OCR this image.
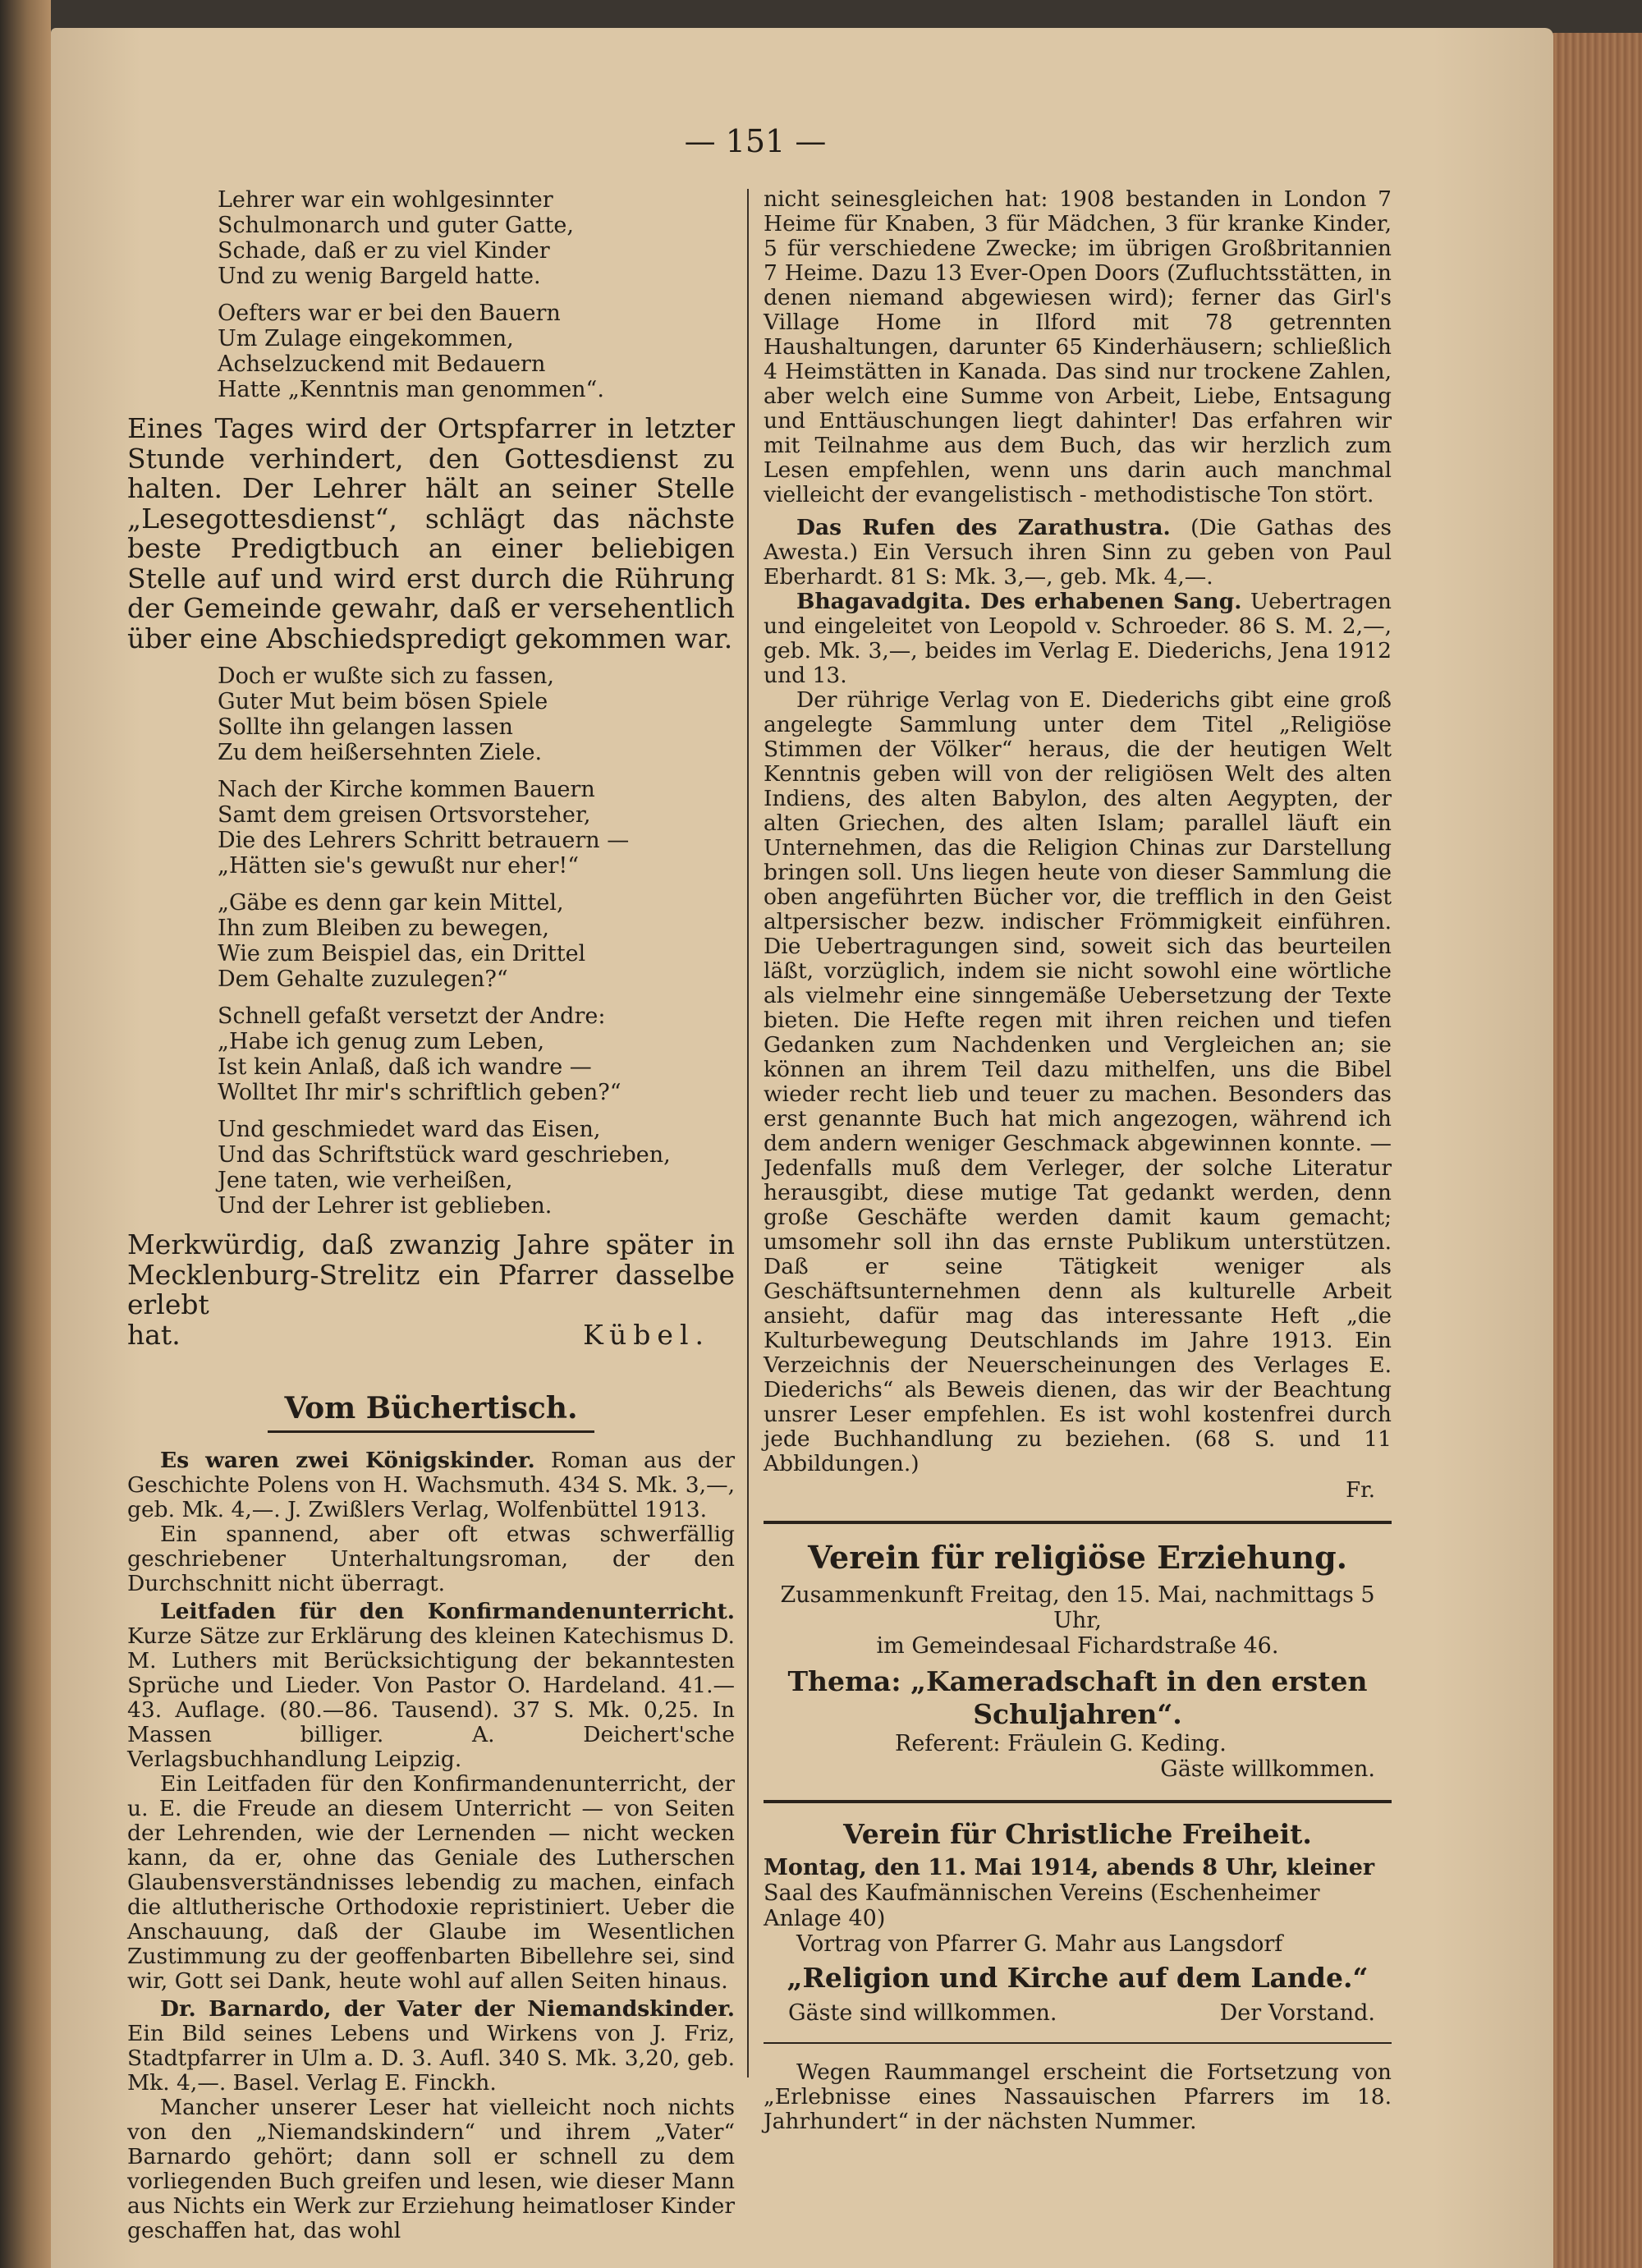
— 151 —

Lehrer war ein wohlgesinnter

Schulmonarch und guter Gatte,

Schade, daß er zu viel Kinder

Und zu wenig Bargeld hatte.

Oefters war er bei den Bauern

Um Zulage eingekommen,

Achselzuckend mit Bedauern

Hatte „Kenntnis man genommen“.

Eines Tages wird der Ortspfarrer in letzter Stunde verhindert, den Gottesdienst zu halten. Der Lehrer hält an seiner Stelle „Lesegottesdienst“, schlägt das nächste beste Predigtbuch an einer beliebigen Stelle auf und wird erst durch die Rührung der Gemeinde gewahr, daß er versehentlich über eine Abschiedspredigt gekommen war.

Doch er wußte sich zu fassen,

Guter Mut beim bösen Spiele

Sollte ihn gelangen lassen

Zu dem heißersehnten Ziele.

Nach der Kirche kommen Bauern

Samt dem greisen Ortsvorsteher,

Die des Lehrers Schritt betrauern —

„Hätten sie's gewußt nur eher!“

„Gäbe es denn gar kein Mittel,

Ihn zum Bleiben zu bewegen,

Wie zum Beispiel das, ein Drittel

Dem Gehalte zuzulegen?“

Schnell gefaßt versetzt der Andre:

„Habe ich genug zum Leben,

Ist kein Anlaß, daß ich wandre —

Wolltet Ihr mir's schriftlich geben?“

Und geschmiedet ward das Eisen,

Und das Schriftstück ward geschrieben,

Jene taten, wie verheißen,

Und der Lehrer ist geblieben.

Merkwürdig, daß zwanzig Jahre später in Mecklenburg-Strelitz ein Pfarrer dasselbe erlebt

hat.	Kübel.
Vom Büchertisch.

Es waren zwei Königskinder. Roman aus der Geschichte Polens von H. Wachsmuth. 434 S. Mk. 3,—, geb. Mk. 4,—. J. Zwißlers Verlag, Wolfenbüttel 1913.

Ein spannend, aber oft etwas schwerfällig geschriebener Unterhaltungsroman, der den Durchschnitt nicht überragt.

Leitfaden für den Konfirmandenunterricht. Kurze Sätze zur Erklärung des kleinen Katechismus D. M. Luthers mit Berücksichtigung der bekanntesten Sprüche und Lieder. Von Pastor O. Hardeland. 41.—43. Auflage. (80.—86. Tausend). 37 S. Mk. 0,25. In Massen billiger. A. Deichert'sche Verlagsbuchhandlung Leipzig.

Ein Leitfaden für den Konfirmandenunterricht, der u. E. die Freude an diesem Unterricht — von Seiten der Lehrenden, wie der Lernenden — nicht wecken kann, da er, ohne das Geniale des Lutherschen Glaubensverständnisses lebendig zu machen, einfach die altlutherische Orthodoxie repristiniert. Ueber die Anschauung, daß der Glaube im Wesentlichen Zustimmung zu der geoffenbarten Bibellehre sei, sind wir, Gott sei Dank, heute wohl auf allen Seiten hinaus.

Dr. Barnardo, der Vater der Niemandskinder. Ein Bild seines Lebens und Wirkens von J. Friz, Stadtpfarrer in Ulm a. D. 3. Aufl. 340 S. Mk. 3,20, geb. Mk. 4,—. Basel. Verlag E. Finckh.

Mancher unserer Leser hat vielleicht noch nichts von den „Niemandskindern“ und ihrem „Vater“ Barnardo gehört; dann soll er schnell zu dem vorliegenden Buch greifen und lesen, wie dieser Mann aus Nichts ein Werk zur Erziehung heimatloser Kinder geschaffen hat, das wohl

nicht seinesgleichen hat: 1908 bestanden in London 7 Heime für Knaben, 3 für Mädchen, 3 für kranke Kinder, 5 für verschiedene Zwecke; im übrigen Großbritannien 7 Heime. Dazu 13 Ever-Open Doors (Zufluchtsstätten, in denen niemand abgewiesen wird); ferner das Girl's Village Home in Ilford mit 78 getrennten Haushaltungen, darunter 65 Kinderhäusern; schließlich 4 Heimstätten in Kanada. Das sind nur trockene Zahlen, aber welch eine Summe von Arbeit, Liebe, Entsagung und Enttäuschungen liegt dahinter! Das erfahren wir mit Teilnahme aus dem Buch, das wir herzlich zum Lesen empfehlen, wenn uns darin auch manchmal vielleicht der evangelistisch - methodistische Ton stört.

Das Rufen des Zarathustra. (Die Gathas des Awesta.) Ein Versuch ihren Sinn zu geben von Paul Eberhardt. 81 S: Mk. 3,—, geb. Mk. 4,—.

Bhagavadgita. Des erhabenen Sang. Uebertragen und eingeleitet von Leopold v. Schroeder. 86 S. M. 2,—, geb. Mk. 3,—, beides im Verlag E. Diederichs, Jena 1912 und 13.

Der rührige Verlag von E. Diederichs gibt eine groß angelegte Sammlung unter dem Titel „Religiöse Stimmen der Völker“ heraus, die der heutigen Welt Kenntnis geben will von der religiösen Welt des alten Indiens, des alten Babylon, des alten Aegypten, der alten Griechen, des alten Islam; parallel läuft ein Unternehmen, das die Religion Chinas zur Darstellung bringen soll. Uns liegen heute von dieser Sammlung die oben angeführten Bücher vor, die trefflich in den Geist altpersischer bezw. indischer Frömmigkeit einführen. Die Uebertragungen sind, soweit sich das beurteilen läßt, vorzüglich, indem sie nicht sowohl eine wörtliche als vielmehr eine sinngemäße Uebersetzung der Texte bieten. Die Hefte regen mit ihren reichen und tiefen Gedanken zum Nachdenken und Vergleichen an; sie können an ihrem Teil dazu mithelfen, uns die Bibel wieder recht lieb und teuer zu machen. Besonders das erst genannte Buch hat mich angezogen, während ich dem andern weniger Geschmack abgewinnen konnte. — Jedenfalls muß dem Verleger, der solche Literatur herausgibt, diese mutige Tat gedankt werden, denn große Geschäfte werden damit kaum gemacht; umsomehr soll ihn das ernste Publikum unterstützen. Daß er seine Tätigkeit weniger als Geschäftsunternehmen denn als kulturelle Arbeit ansieht, dafür mag das interessante Heft „die Kulturbewegung Deutschlands im Jahre 1913. Ein Verzeichnis der Neuerscheinungen des Verlages E. Diederichs“ als Beweis dienen, das wir der Beachtung unsrer Leser empfehlen. Es ist wohl kostenfrei durch jede Buchhandlung zu beziehen. (68 S. und 11 Abbildungen.)

Fr.
Verein für religiöse Erziehung.
Zusammenkunft Freitag, den 15. Mai, nachmittags 5 Uhr,
im Gemeindesaal Fichardstraße 46.
Thema: „Kameradschaft in den ersten
Schuljahren“.
Referent: Fräulein G. Keding.
Gäste willkommen.
Verein für Christliche Freiheit.
Montag, den 11. Mai 1914, abends 8 Uhr, kleiner
Saal des Kaufmännischen Vereins (Eschenheimer Anlage 40)
Vortrag von Pfarrer G. Mahr aus Langsdorf
„Religion und Kirche auf dem Lande.“
Gäste sind willkommen.	Der Vorstand.

Wegen Raummangel erscheint die Fortsetzung von „Erlebnisse eines Nassauischen Pfarrers im 18. Jahrhundert“ in der nächsten Nummer.
